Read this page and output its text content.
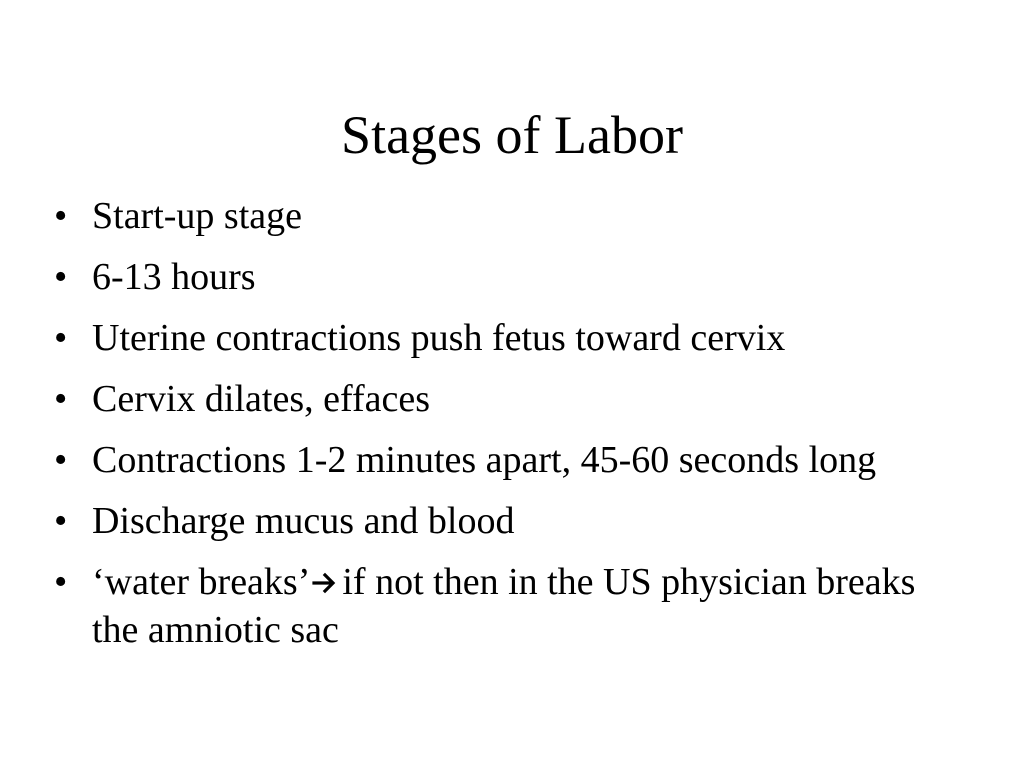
Stages of Labor
• Start-up stage
• 6-13 hours
• Uterine contractions push fetus toward cervix
• Cervix dilates, effaces
• Contractions 1-2 minutes apart, 45-60 seconds long
• Discharge mucus and blood
• ‘water breaks’ if not then in the US physician breaks the amniotic sac
